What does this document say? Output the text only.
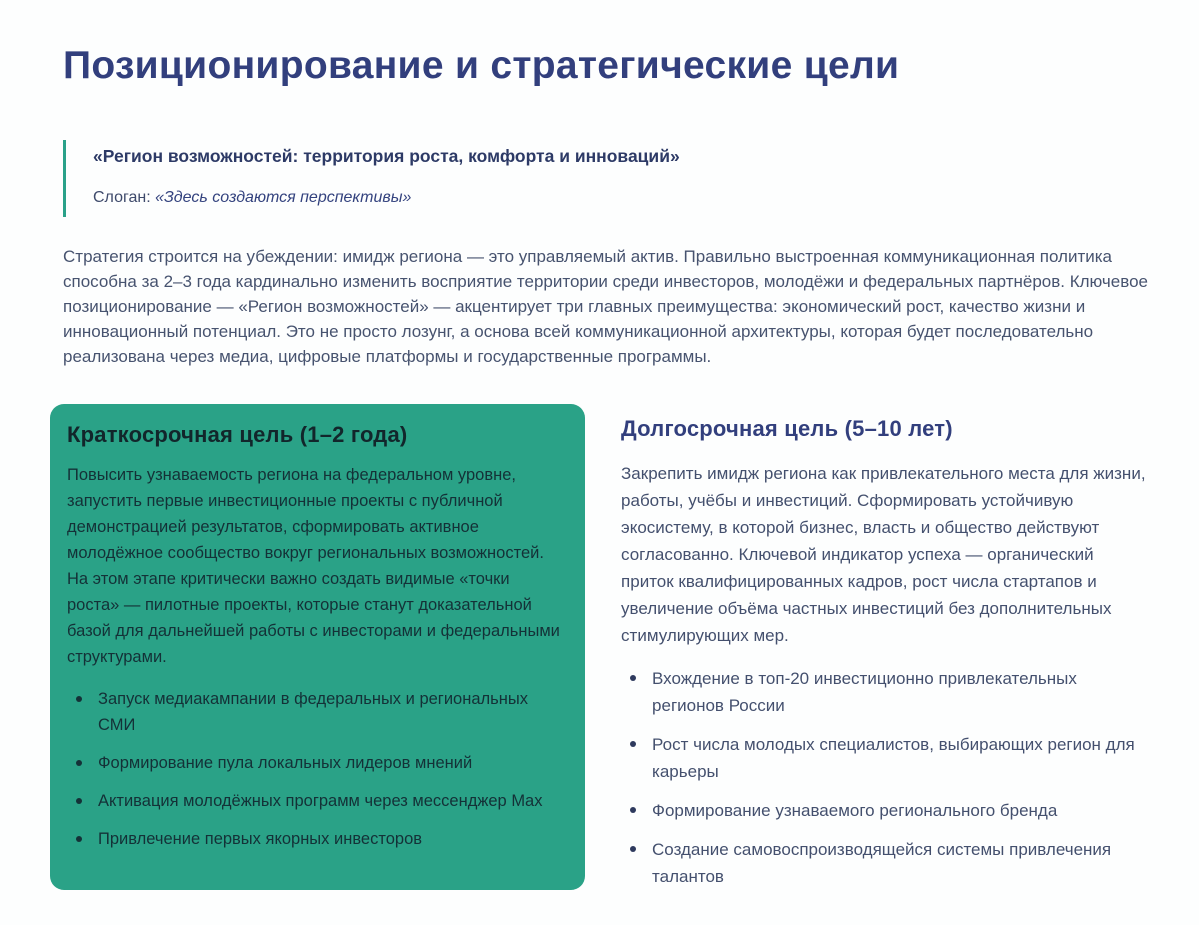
Позиционирование и стратегические цели
«Регион возможностей: территория роста, комфорта и инноваций»
Слоган: «Здесь создаются перспективы»

Стратегия строится на убеждении: имидж региона — это управляемый актив. Правильно выстроенная коммуникационная политика способна за 2–3 года кардинально изменить восприятие территории среди инвесторов, молодёжи и федеральных партнёров. Ключевое позиционирование — «Регион возможностей» — акцентирует три главных преимущества: экономический рост, качество жизни и инновационный потенциал. Это не просто лозунг, а основа всей коммуникационной архитектуры, которая будет последовательно реализована через медиа, цифровые платформы и государственные программы.

Краткосрочная цель (1–2 года)
Повысить узнаваемость региона на федеральном уровне, запустить первые инвестиционные проекты с публичной демонстрацией результатов, сформировать активное молодёжное сообщество вокруг региональных возможностей. На этом этапе критически важно создать видимые «точки роста» — пилотные проекты, которые станут доказательной базой для дальнейшей работы с инвесторами и федеральными структурами.
Запуск медиакампании в федеральных и региональных СМИ
Формирование пула локальных лидеров мнений
Активация молодёжных программ через мессенджер Max
Привлечение первых якорных инвесторов
Долгосрочная цель (5–10 лет)
Закрепить имидж региона как привлекательного места для жизни, работы, учёбы и инвестиций. Сформировать устойчивую экосистему, в которой бизнес, власть и общество действуют согласованно. Ключевой индикатор успеха — органический приток квалифицированных кадров, рост числа стартапов и увеличение объёма частных инвестиций без дополнительных стимулирующих мер.
Вхождение в топ-20 инвестиционно привлекательных регионов России
Рост числа молодых специалистов, выбирающих регион для карьеры
Формирование узнаваемого регионального бренда
Создание самовоспроизводящейся системы привлечения талантов
